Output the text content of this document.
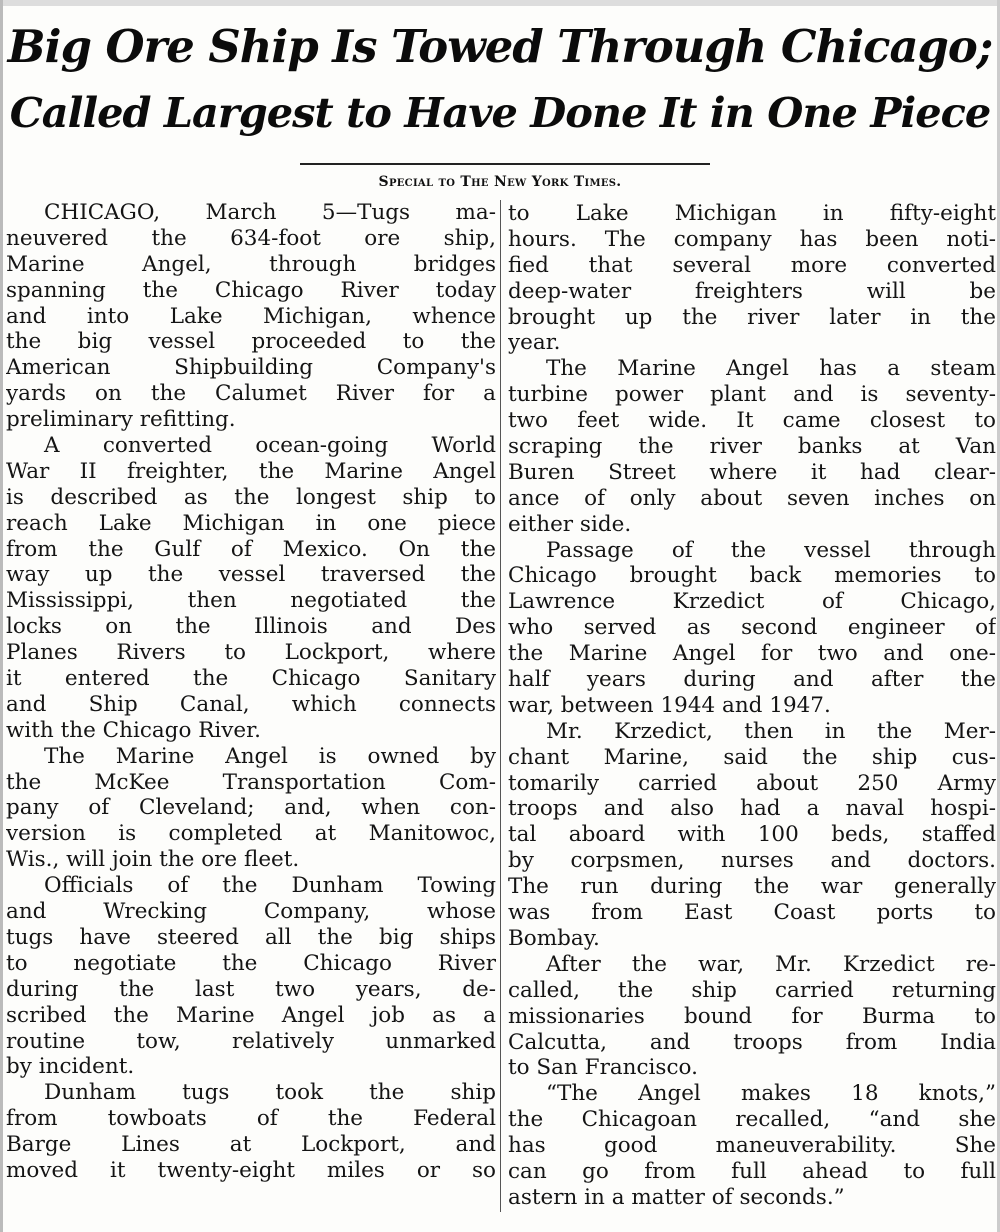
Big Ore Ship Is Towed Through Chicago;
Called Largest to Have Done It in One Piece
Special to The New York Times.
CHICAGO, March 5—Tugs ma-
neuvered the 634-foot ore ship,
Marine Angel, through bridges
spanning the Chicago River today
and into Lake Michigan, whence
the big vessel proceeded to the
American Shipbuilding Company's
yards on the Calumet River for a
preliminary refitting.
A converted ocean-going World
War II freighter, the Marine Angel
is described as the longest ship to
reach Lake Michigan in one piece
from the Gulf of Mexico. On the
way up the vessel traversed the
Mississippi, then negotiated the
locks on the Illinois and Des
Planes Rivers to Lockport, where
it entered the Chicago Sanitary
and Ship Canal, which connects
with the Chicago River.
The Marine Angel is owned by
the McKee Transportation Com-
pany of Cleveland; and, when con-
version is completed at Manitowoc,
Wis., will join the ore fleet.
Officials of the Dunham Towing
and Wrecking Company, whose
tugs have steered all the big ships
to negotiate the Chicago River
during the last two years, de-
scribed the Marine Angel job as a
routine tow, relatively unmarked
by incident.
Dunham tugs took the ship
from towboats of the Federal
Barge Lines at Lockport, and
moved it twenty-eight miles or so
to Lake Michigan in fifty-eight
hours. The company has been noti-
fied that several more converted
deep-water freighters will be
brought up the river later in the
year.
The Marine Angel has a steam
turbine power plant and is seventy-
two feet wide. It came closest to
scraping the river banks at Van
Buren Street where it had clear-
ance of only about seven inches on
either side.
Passage of the vessel through
Chicago brought back memories to
Lawrence Krzedict of Chicago,
who served as second engineer of
the Marine Angel for two and one-
half years during and after the
war, between 1944 and 1947.
Mr. Krzedict, then in the Mer-
chant Marine, said the ship cus-
tomarily carried about 250 Army
troops and also had a naval hospi-
tal aboard with 100 beds, staffed
by corpsmen, nurses and doctors.
The run during the war generally
was from East Coast ports to
Bombay.
After the war, Mr. Krzedict re-
called, the ship carried returning
missionaries bound for Burma to
Calcutta, and troops from India
to San Francisco.
“The Angel makes 18 knots,”
the Chicagoan recalled, “and she
has good maneuverability. She
can go from full ahead to full
astern in a matter of seconds.”
